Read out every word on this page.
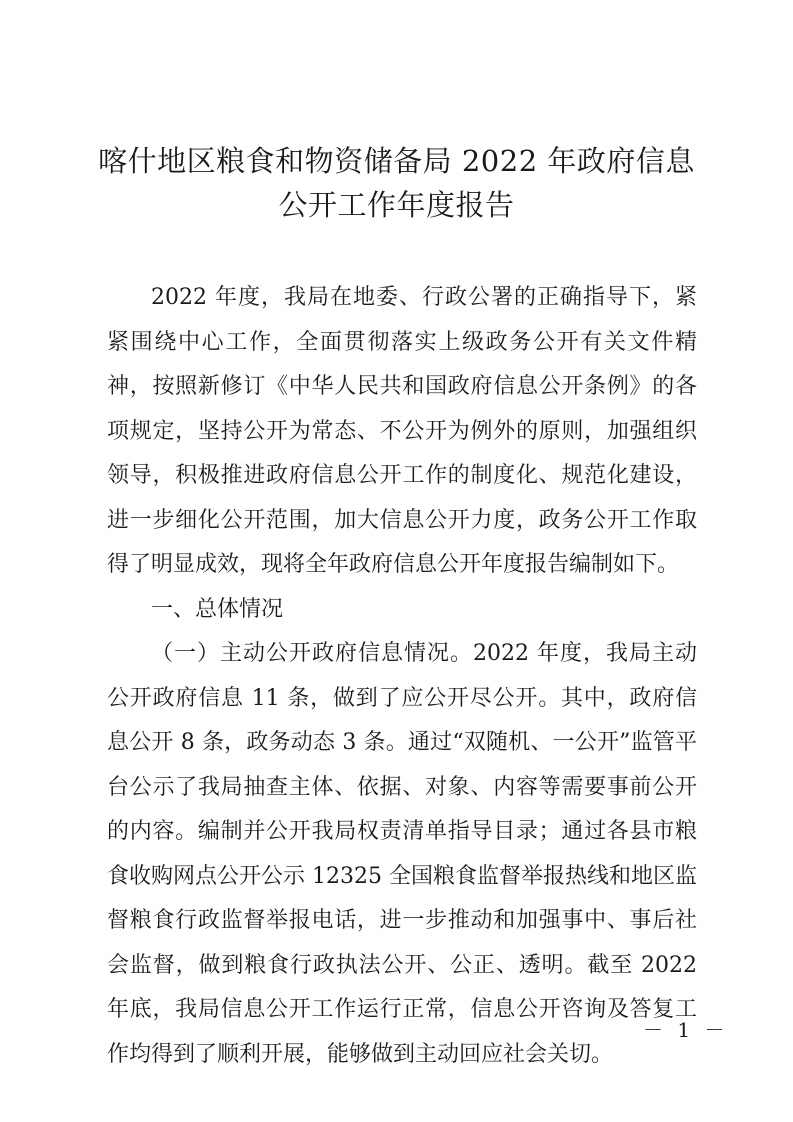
喀什地区粮食和物资储备局 2022 年政府信息
公开工作年度报告

2022 年度，我局在地委、行政公署的正确指导下，紧紧围绕中心工作，全面贯彻落实上级政务公开有关文件精神，按照新修订《中华人民共和国政府信息公开条例》的各项规定，坚持公开为常态、不公开为例外的原则，加强组织领导，积极推进政府信息公开工作的制度化、规范化建设，进一步细化公开范围，加大信息公开力度，政务公开工作取得了明显成效，现将全年政府信息公开年度报告编制如下。

一、总体情况

（一）主动公开政府信息情况。2022 年度，我局主动公开政府信息 11 条，做到了应公开尽公开。其中，政府信息公开 8 条，政务动态 3 条。通过“双随机、一公开”监管平台公示了我局抽查主体、依据、对象、内容等需要事前公开的内容。编制并公开我局权责清单指导目录；通过各县市粮食收购网点公开公示 12325 全国粮食监督举报热线和地区监督粮食行政监督举报电话，进一步推动和加强事中、事后社会监督，做到粮食行政执法公开、公正、透明。截至 2022 年底，我局信息公开工作运行正常，信息公开咨询及答复工作均得到了顺利开展，能够做到主动回应社会关切。

－ 1 －
